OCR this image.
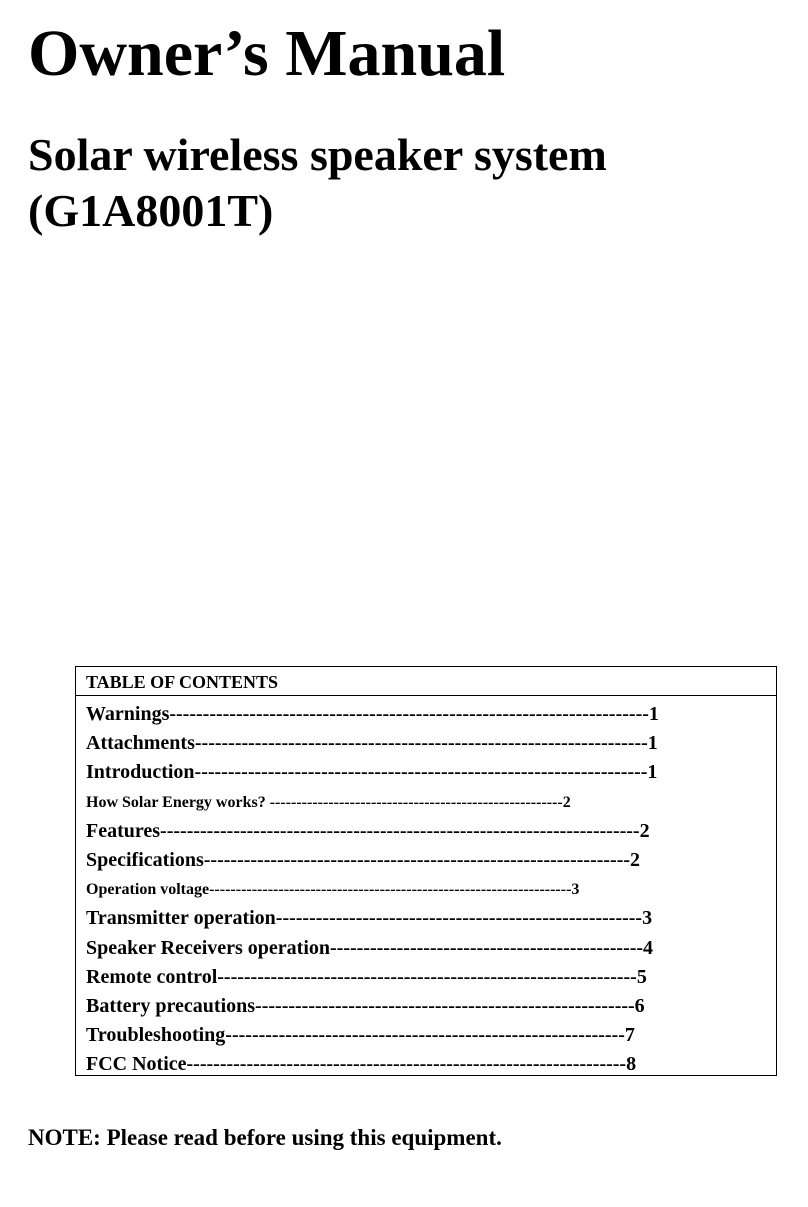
Owner’s Manual
Solar wireless speaker system
(G1A8001T)
TABLE OF CONTENTS
Warnings------------------------------------------------------------------------1
Attachments--------------------------------------------------------------------1
Introduction--------------------------------------------------------------------1
How Solar Energy works? -------------------------------------------------------2
Features------------------------------------------------------------------------2
Specifications----------------------------------------------------------------2
Operation voltage--------------------------------------------------------------------3
Transmitter operation-------------------------------------------------------3
Speaker Receivers operation-----------------------------------------------4
Remote control---------------------------------------------------------------5
Battery precautions---------------------------------------------------------6
Troubleshooting------------------------------------------------------------7
FCC Notice------------------------------------------------------------------8

NOTE: Please read before using this equipment.
